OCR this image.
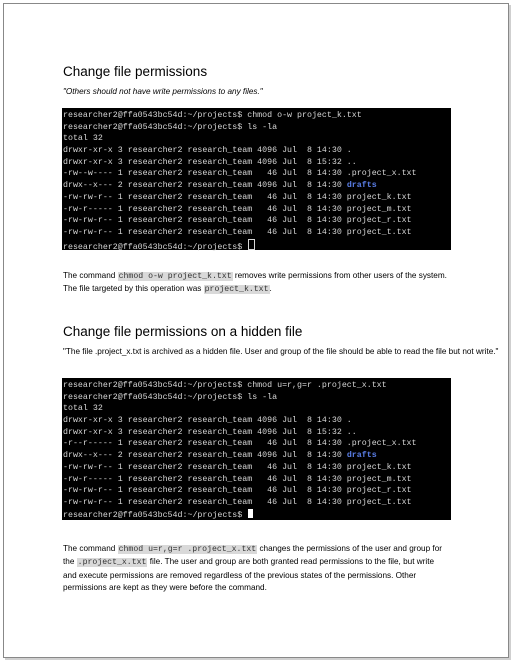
Change file permissions
"Others should not have write permissions to any files."
researcher2@ffa0543bc54d:~/projects$ chmod o-w project_k.txt
researcher2@ffa0543bc54d:~/projects$ ls -la
total 32
drwxr-xr-x 3 researcher2 research_team 4096 Jul  8 14:30 .
drwxr-xr-x 3 researcher2 research_team 4096 Jul  8 15:32 ..
-rw--w---- 1 researcher2 research_team   46 Jul  8 14:30 .project_x.txt
drwx--x--- 2 researcher2 research_team 4096 Jul  8 14:30 drafts
-rw-rw-r-- 1 researcher2 research_team   46 Jul  8 14:30 project_k.txt
-rw-r----- 1 researcher2 research_team   46 Jul  8 14:30 project_m.txt
-rw-rw-r-- 1 researcher2 research_team   46 Jul  8 14:30 project_r.txt
-rw-rw-r-- 1 researcher2 research_team   46 Jul  8 14:30 project_t.txt
researcher2@ffa0543bc54d:~/projects$
The command chmod o-w project_k.txt removes write permissions from other users of the system. The file targeted by this operation was project_k.txt.
Change file permissions on a hidden file
"The file .project_x.txt is archived as a hidden file. User and group of the file should be able to read the file but not write."
researcher2@ffa0543bc54d:~/projects$ chmod u=r,g=r .project_x.txt
researcher2@ffa0543bc54d:~/projects$ ls -la
total 32
drwxr-xr-x 3 researcher2 research_team 4096 Jul  8 14:30 .
drwxr-xr-x 3 researcher2 research_team 4096 Jul  8 15:32 ..
-r--r----- 1 researcher2 research_team   46 Jul  8 14:30 .project_x.txt
drwx--x--- 2 researcher2 research_team 4096 Jul  8 14:30 drafts
-rw-rw-r-- 1 researcher2 research_team   46 Jul  8 14:30 project_k.txt
-rw-r----- 1 researcher2 research_team   46 Jul  8 14:30 project_m.txt
-rw-rw-r-- 1 researcher2 research_team   46 Jul  8 14:30 project_r.txt
-rw-rw-r-- 1 researcher2 research_team   46 Jul  8 14:30 project_t.txt
researcher2@ffa0543bc54d:~/projects$
The command chmod u=r,g=r .project_x.txt changes the permissions of the user and group for the .project_x.txt file. The user and group are both granted read permissions to the file, but write and execute permissions are removed regardless of the previous states of the permissions. Other permissions are kept as they were before the command.
